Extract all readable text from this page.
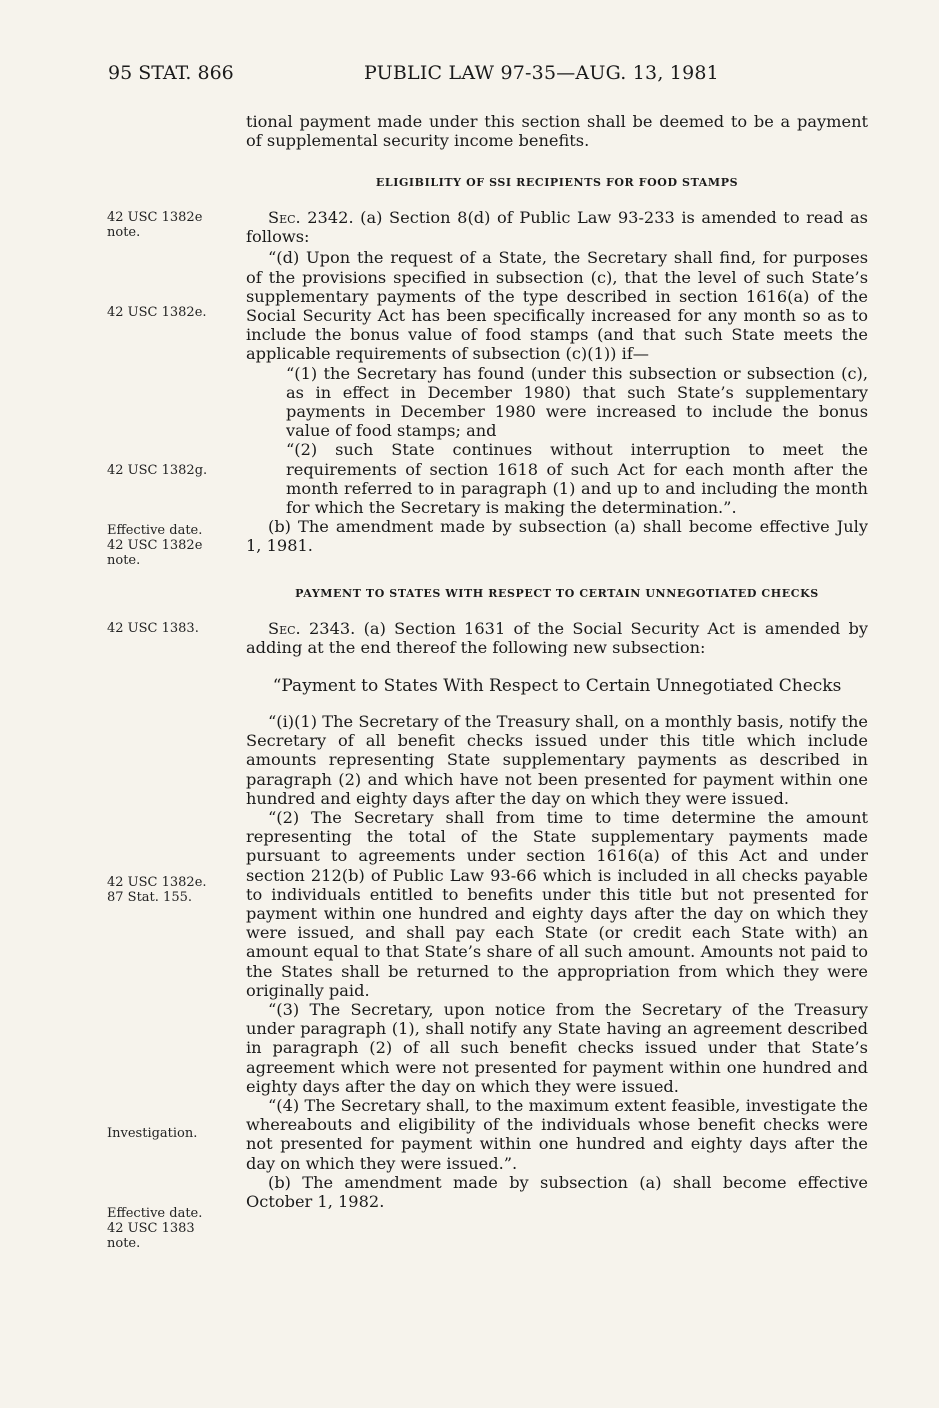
95 STAT. 866	PUBLIC LAW 97-35—AUG. 13, 1981
42 USC 1382e
note.
42 USC 1382e.
42 USC 1382g.
Effective date.
42 USC 1382e
note.
42 USC 1383.
42 USC 1382e.
87 Stat. 155.
Investigation.
Effective date.
42 USC 1383
note.

tional payment made under this section shall be deemed to be a payment of supplemental security income benefits.

ELIGIBILITY OF SSI RECIPIENTS FOR FOOD STAMPS

Sec. 2342. (a) Section 8(d) of Public Law 93-233 is amended to read as follows:

“(d) Upon the request of a State, the Secretary shall find, for purposes of the provisions specified in subsection (c), that the level of such State’s supplementary payments of the type described in section 1616(a) of the Social Security Act has been specifically increased for any month so as to include the bonus value of food stamps (and that such State meets the applicable requirements of subsection (c)(1)) if—

“(1) the Secretary has found (under this subsection or subsection (c), as in effect in December 1980) that such State’s supplementary payments in December 1980 were increased to include the bonus value of food stamps; and

“(2) such State continues without interruption to meet the requirements of section 1618 of such Act for each month after the month referred to in paragraph (1) and up to and including the month for which the Secretary is making the determination.”.

(b) The amendment made by subsection (a) shall become effective July 1, 1981.

PAYMENT TO STATES WITH RESPECT TO CERTAIN UNNEGOTIATED CHECKS

Sec. 2343. (a) Section 1631 of the Social Security Act is amended by adding at the end thereof the following new subsection:

“Payment to States With Respect to Certain Unnegotiated Checks

“(i)(1) The Secretary of the Treasury shall, on a monthly basis, notify the Secretary of all benefit checks issued under this title which include amounts representing State supplementary payments as described in paragraph (2) and which have not been presented for payment within one hundred and eighty days after the day on which they were issued.

“(2) The Secretary shall from time to time determine the amount representing the total of the State supplementary payments made pursuant to agreements under section 1616(a) of this Act and under section 212(b) of Public Law 93-66 which is included in all checks payable to individuals entitled to benefits under this title but not presented for payment within one hundred and eighty days after the day on which they were issued, and shall pay each State (or credit each State with) an amount equal to that State’s share of all such amount. Amounts not paid to the States shall be returned to the appropriation from which they were originally paid.

“(3) The Secretary, upon notice from the Secretary of the Treasury under paragraph (1), shall notify any State having an agreement described in paragraph (2) of all such benefit checks issued under that State’s agreement which were not presented for payment within one hundred and eighty days after the day on which they were issued.

“(4) The Secretary shall, to the maximum extent feasible, investigate the whereabouts and eligibility of the individuals whose benefit checks were not presented for payment within one hundred and eighty days after the day on which they were issued.”.

(b) The amendment made by subsection (a) shall become effective October 1, 1982.
